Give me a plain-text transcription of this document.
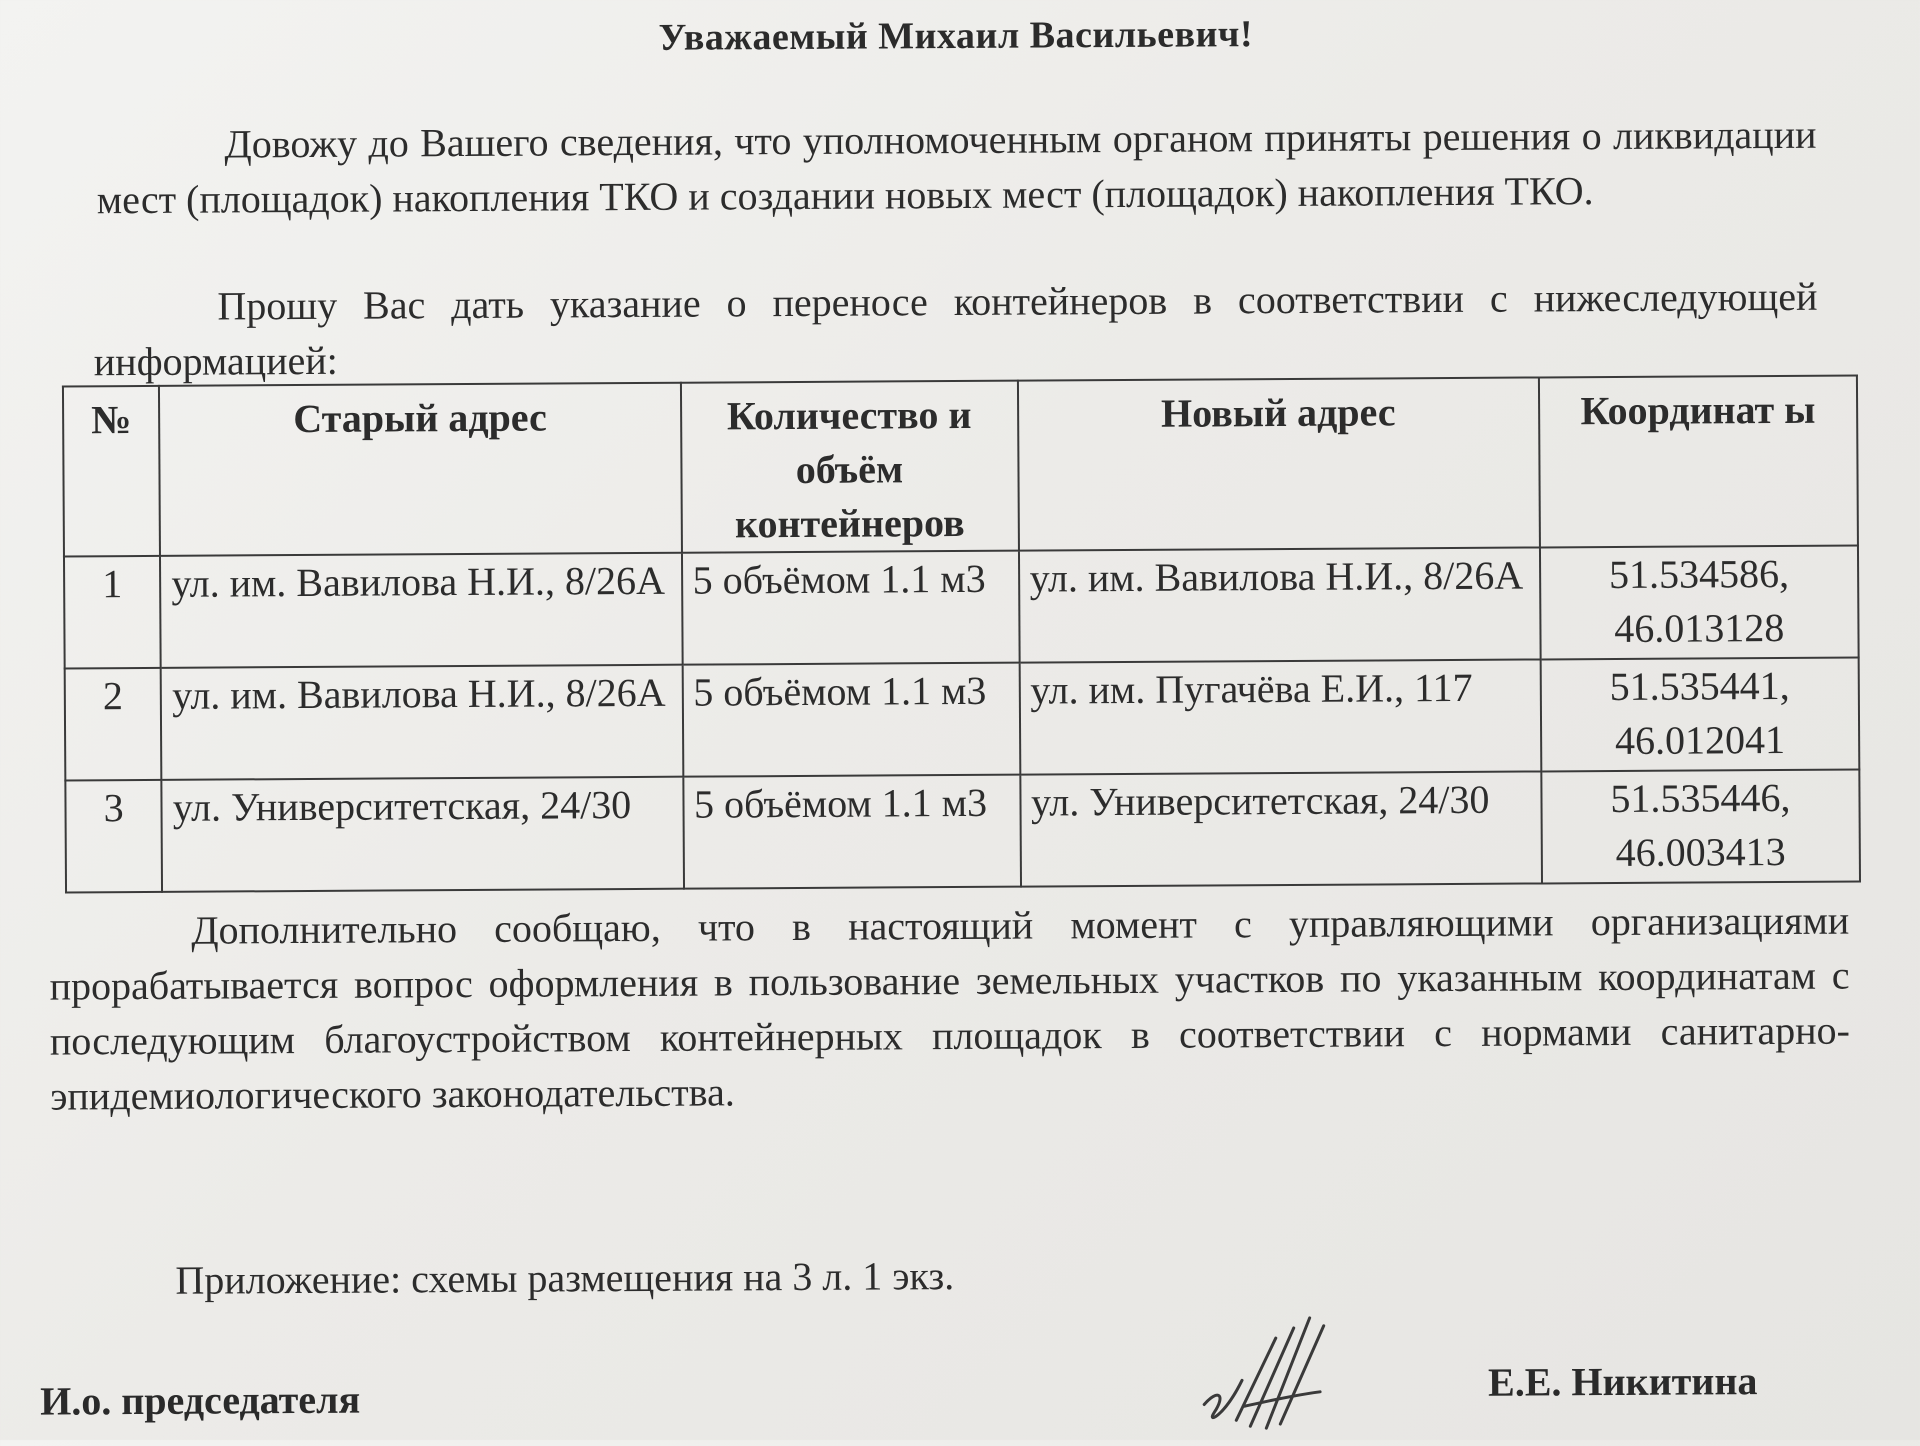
Уважаемый Михаил Васильевич!
Довожу до Вашего сведения, что уполномоченным органом приняты решения о ликвидации мест (площадок) накопления ТКО и создании новых мест (площадок) накопления ТКО.
Прошу Вас дать указание о переносе контейнеров в соответствии с нижеследующей информацией:
№	Старый адрес	Количество и объём контейнеров	Новый адрес	Координат ы
1	ул. им. Вавилова Н.И., 8/26А	5 объёмом 1.1 м3	ул. им. Вавилова Н.И., 8/26А	51.534586, 46.013128
2	ул. им. Вавилова Н.И., 8/26А	5 объёмом 1.1 м3	ул. им. Пугачёва Е.И., 117	51.535441, 46.012041
3	ул. Университетская, 24/30	5 объёмом 1.1 м3	ул. Университетская, 24/30	51.535446, 46.003413
Дополнительно сообщаю, что в настоящий момент с управляющими организациями прорабатывается вопрос оформления в пользование земельных участков по указанным координатам с последующим благоустройством контейнерных площадок в соответствии с нормами санитарно-эпидемиологического законодательства.
Приложение: схемы размещения на 3 л. 1 экз.
И.о. председателя	Е.Е. Никитина
